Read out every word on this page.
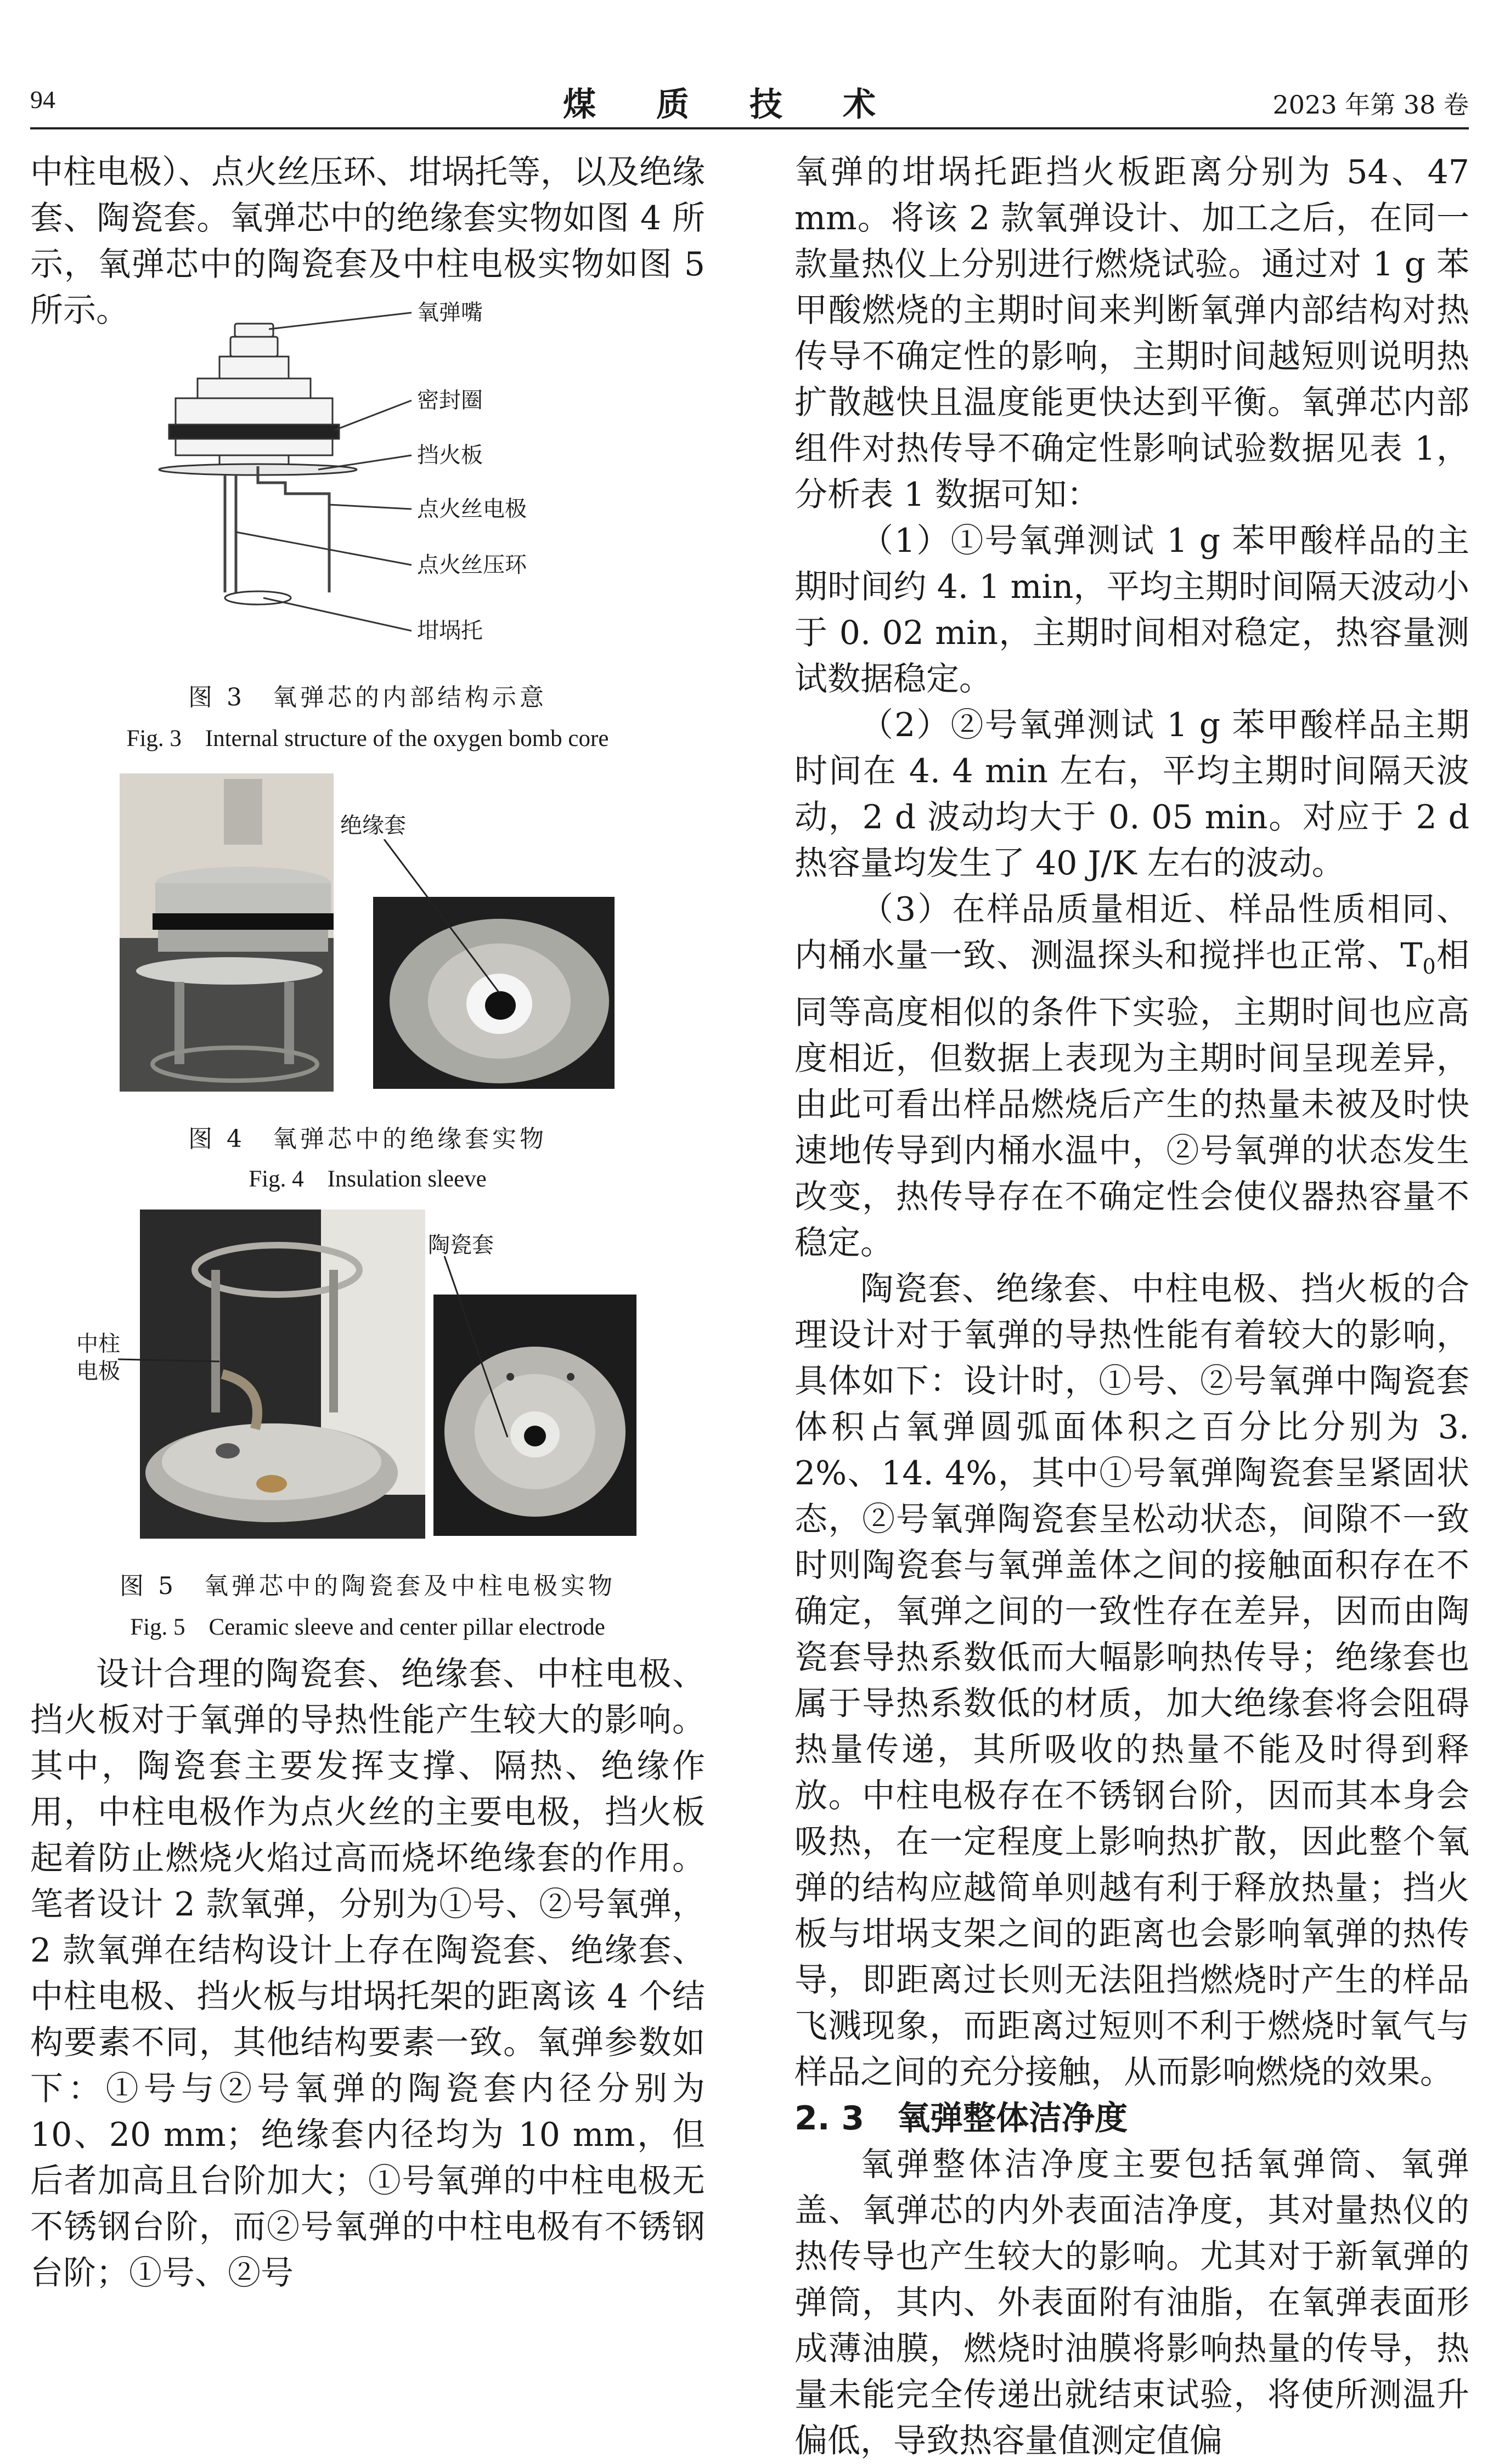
94	煤质技术	2023 年第 38 卷

中柱电极）、点火丝压环、坩埚托等，以及绝缘套、陶瓷套。氧弹芯中的绝缘套实物如图 4 所示，氧弹芯中的陶瓷套及中柱电极实物如图 5 所示。	氧弹嘴
密封圈
挡火板
点火丝电极
点火丝压环
坩埚托
图 3　氧弹芯的内部结构示意
Fig. 3　Internal structure of the oxygen bomb core
绝缘套
图 4　氧弹芯中的绝缘套实物
Fig. 4　Insulation sleeve
陶瓷套
中柱电极
图 5　氧弹芯中的陶瓷套及中柱电极实物
Fig. 5　Ceramic sleeve and center pillar electrode

设计合理的陶瓷套、绝缘套、中柱电极、挡火板对于氧弹的导热性能产生较大的影响。其中，陶瓷套主要发挥支撑、隔热、绝缘作用，中柱电极作为点火丝的主要电极，挡火板起着防止燃烧火焰过高而烧坏绝缘套的作用。笔者设计 2 款氧弹，分别为①号、②号氧弹，2 款氧弹在结构设计上存在陶瓷套、绝缘套、中柱电极、挡火板与坩埚托架的距离该 4 个结构要素不同，其他结构要素一致。氧弹参数如下：①号与②号氧弹的陶瓷套内径分别为 10、20 mm；绝缘套内径均为 10 mm，但后者加高且台阶加大；①号氧弹的中柱电极无不锈钢台阶，而②号氧弹的中柱电极有不锈钢台阶；①号、②号

氧弹的坩埚托距挡火板距离分别为 54、47 mm。将该 2 款氧弹设计、加工之后，在同一款量热仪上分别进行燃烧试验。通过对 1 g 苯甲酸燃烧的主期时间来判断氧弹内部结构对热传导不确定性的影响，主期时间越短则说明热扩散越快且温度能更快达到平衡。氧弹芯内部组件对热传导不确定性影响试验数据见表 1，分析表 1 数据可知：

（1）①号氧弹测试 1 g 苯甲酸样品的主期时间约 4. 1 min，平均主期时间隔天波动小于 0. 02 min，主期时间相对稳定，热容量测试数据稳定。

（2）②号氧弹测试 1 g 苯甲酸样品主期时间在 4. 4 min 左右，平均主期时间隔天波动，2 d 波动均大于 0. 05 min。对应于 2 d 热容量均发生了 40 J/K 左右的波动。

（3）在样品质量相近、样品性质相同、内桶水量一致、测温探头和搅拌也正常、$T_0$相同等高度相似的条件下实验，主期时间也应高度相近，但数据上表现为主期时间呈现差异，由此可看出样品燃烧后产生的热量未被及时快速地传导到内桶水温中，②号氧弹的状态发生改变，热传导存在不确定性会使仪器热容量不稳定。

陶瓷套、绝缘套、中柱电极、挡火板的合理设计对于氧弹的导热性能有着较大的影响，具体如下：设计时，①号、②号氧弹中陶瓷套体积占氧弹圆弧面体积之百分比分别为 3. 2%、14. 4%，其中①号氧弹陶瓷套呈紧固状态，②号氧弹陶瓷套呈松动状态，间隙不一致时则陶瓷套与氧弹盖体之间的接触面积存在不确定，氧弹之间的一致性存在差异，因而由陶瓷套导热系数低而大幅影响热传导；绝缘套也属于导热系数低的材质，加大绝缘套将会阻碍热量传递，其所吸收的热量不能及时得到释放。中柱电极存在不锈钢台阶，因而其本身会吸热，在一定程度上影响热扩散，因此整个氧弹的结构应越简单则越有利于释放热量；挡火板与坩埚支架之间的距离也会影响氧弹的热传导，即距离过长则无法阻挡燃烧时产生的样品飞溅现象，而距离过短则不利于燃烧时氧气与样品之间的充分接触，从而影响燃烧的效果。

2. 3　氧弹整体洁净度

氧弹整体洁净度主要包括氧弹筒、氧弹盖、氧弹芯的内外表面洁净度，其对量热仪的热传导也产生较大的影响。尤其对于新氧弹的弹筒，其内、外表面附有油脂，在氧弹表面形成薄油膜，燃烧时油膜将影响热量的传导，热量未能完全传递出就结束试验，将使所测温升偏低，导致热容量值测定值偏
